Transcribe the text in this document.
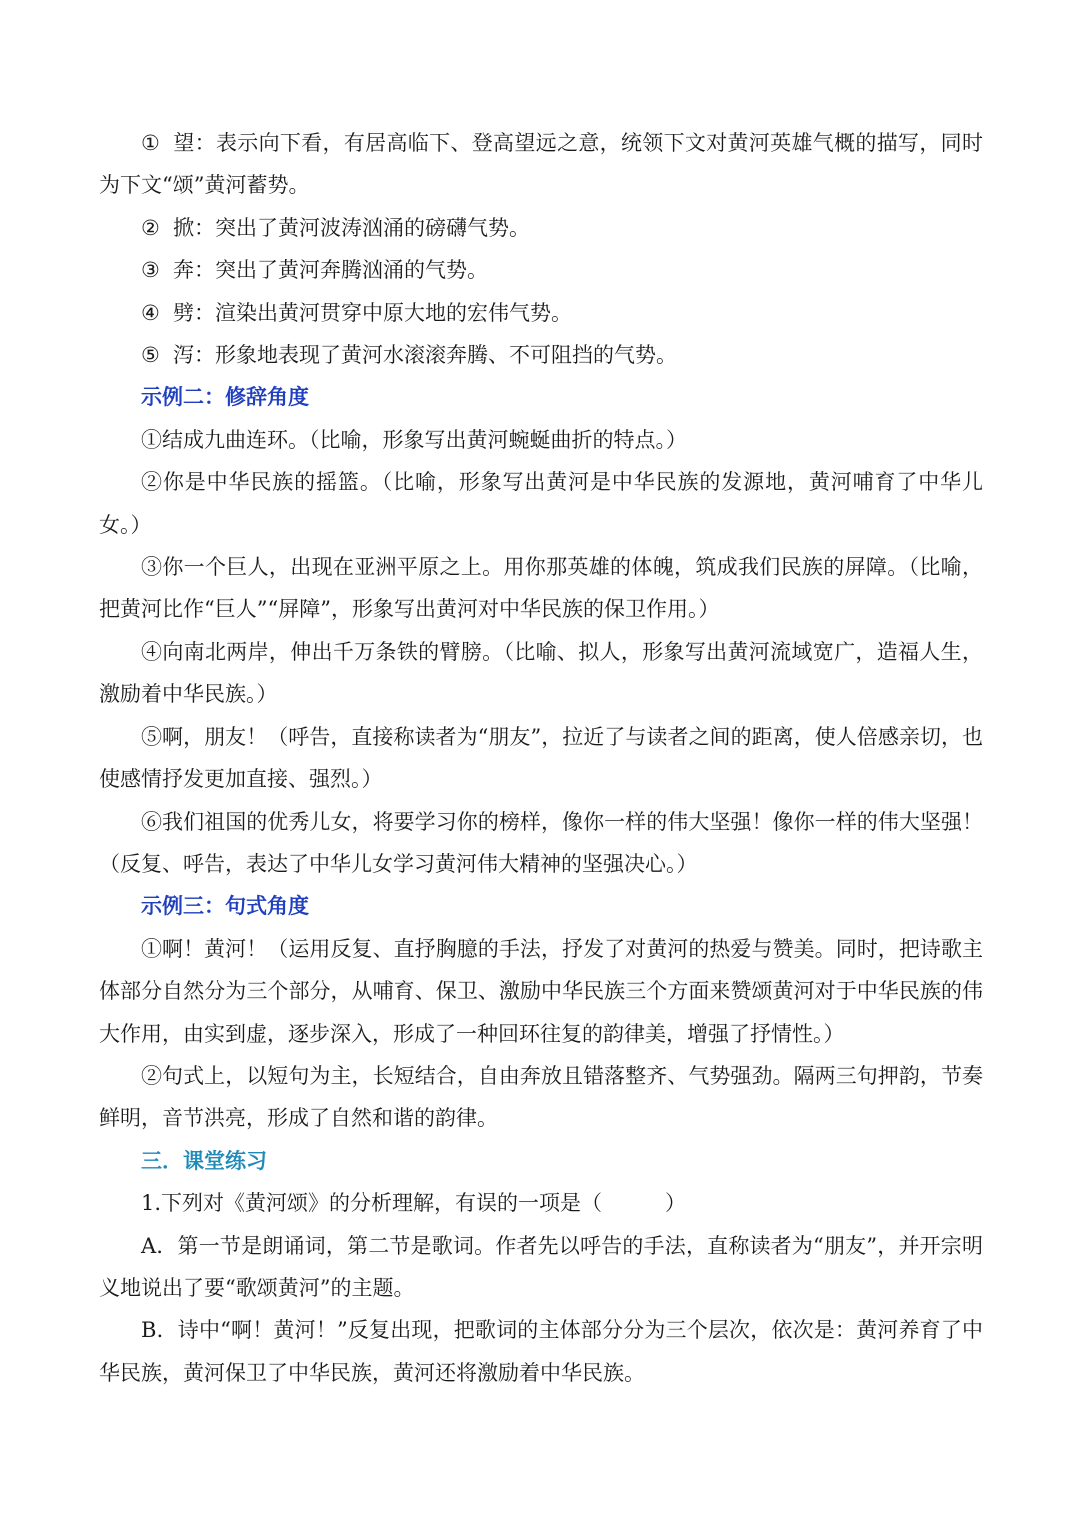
① 望：表示向下看，有居高临下、登高望远之意，统领下文对黄河英雄气概的描写，同时为下文“颂”黄河蓄势。

② 掀：突出了黄河波涛汹涌的磅礴气势。

③ 奔：突出了黄河奔腾汹涌的气势。

④ 劈：渲染出黄河贯穿中原大地的宏伟气势。

⑤ 泻：形象地表现了黄河水滚滚奔腾、不可阻挡的气势。

示例二：修辞角度

①结成九曲连环。（比喻，形象写出黄河蜿蜒曲折的特点。）

②你是中华民族的摇篮。（比喻，形象写出黄河是中华民族的发源地，黄河哺育了中华儿女。）

③你一个巨人，出现在亚洲平原之上。用你那英雄的体魄，筑成我们民族的屏障。（比喻，把黄河比作“巨人”“屏障”，形象写出黄河对中华民族的保卫作用。）

④向南北两岸，伸出千万条铁的臂膀。（比喻、拟人，形象写出黄河流域宽广，造福人生，激励着中华民族。）

⑤啊，朋友！（呼告，直接称读者为“朋友”，拉近了与读者之间的距离，使人倍感亲切，也使感情抒发更加直接、强烈。）

⑥我们祖国的优秀儿女，将要学习你的榜样，像你一样的伟大坚强！像你一样的伟大坚强！（反复、呼告，表达了中华儿女学习黄河伟大精神的坚强决心。）

示例三：句式角度

①啊！黄河！（运用反复、直抒胸臆的手法，抒发了对黄河的热爱与赞美。同时，把诗歌主体部分自然分为三个部分，从哺育、保卫、激励中华民族三个方面来赞颂黄河对于中华民族的伟大作用，由实到虚，逐步深入，形成了一种回环往复的韵律美，增强了抒情性。）

②句式上，以短句为主，长短结合，自由奔放且错落整齐、气势强劲。隔两三句押韵，节奏鲜明，音节洪亮，形成了自然和谐的韵律。

三．课堂练习

1.下列对《黄河颂》的分析理解，有误的一项是（　　　）

A．第一节是朗诵词，第二节是歌词。作者先以呼告的手法，直称读者为“朋友”，并开宗明义地说出了要“歌颂黄河”的主题。

B．诗中“啊！黄河！”反复出现，把歌词的主体部分分为三个层次，依次是：黄河养育了中华民族，黄河保卫了中华民族，黄河还将激励着中华民族。
